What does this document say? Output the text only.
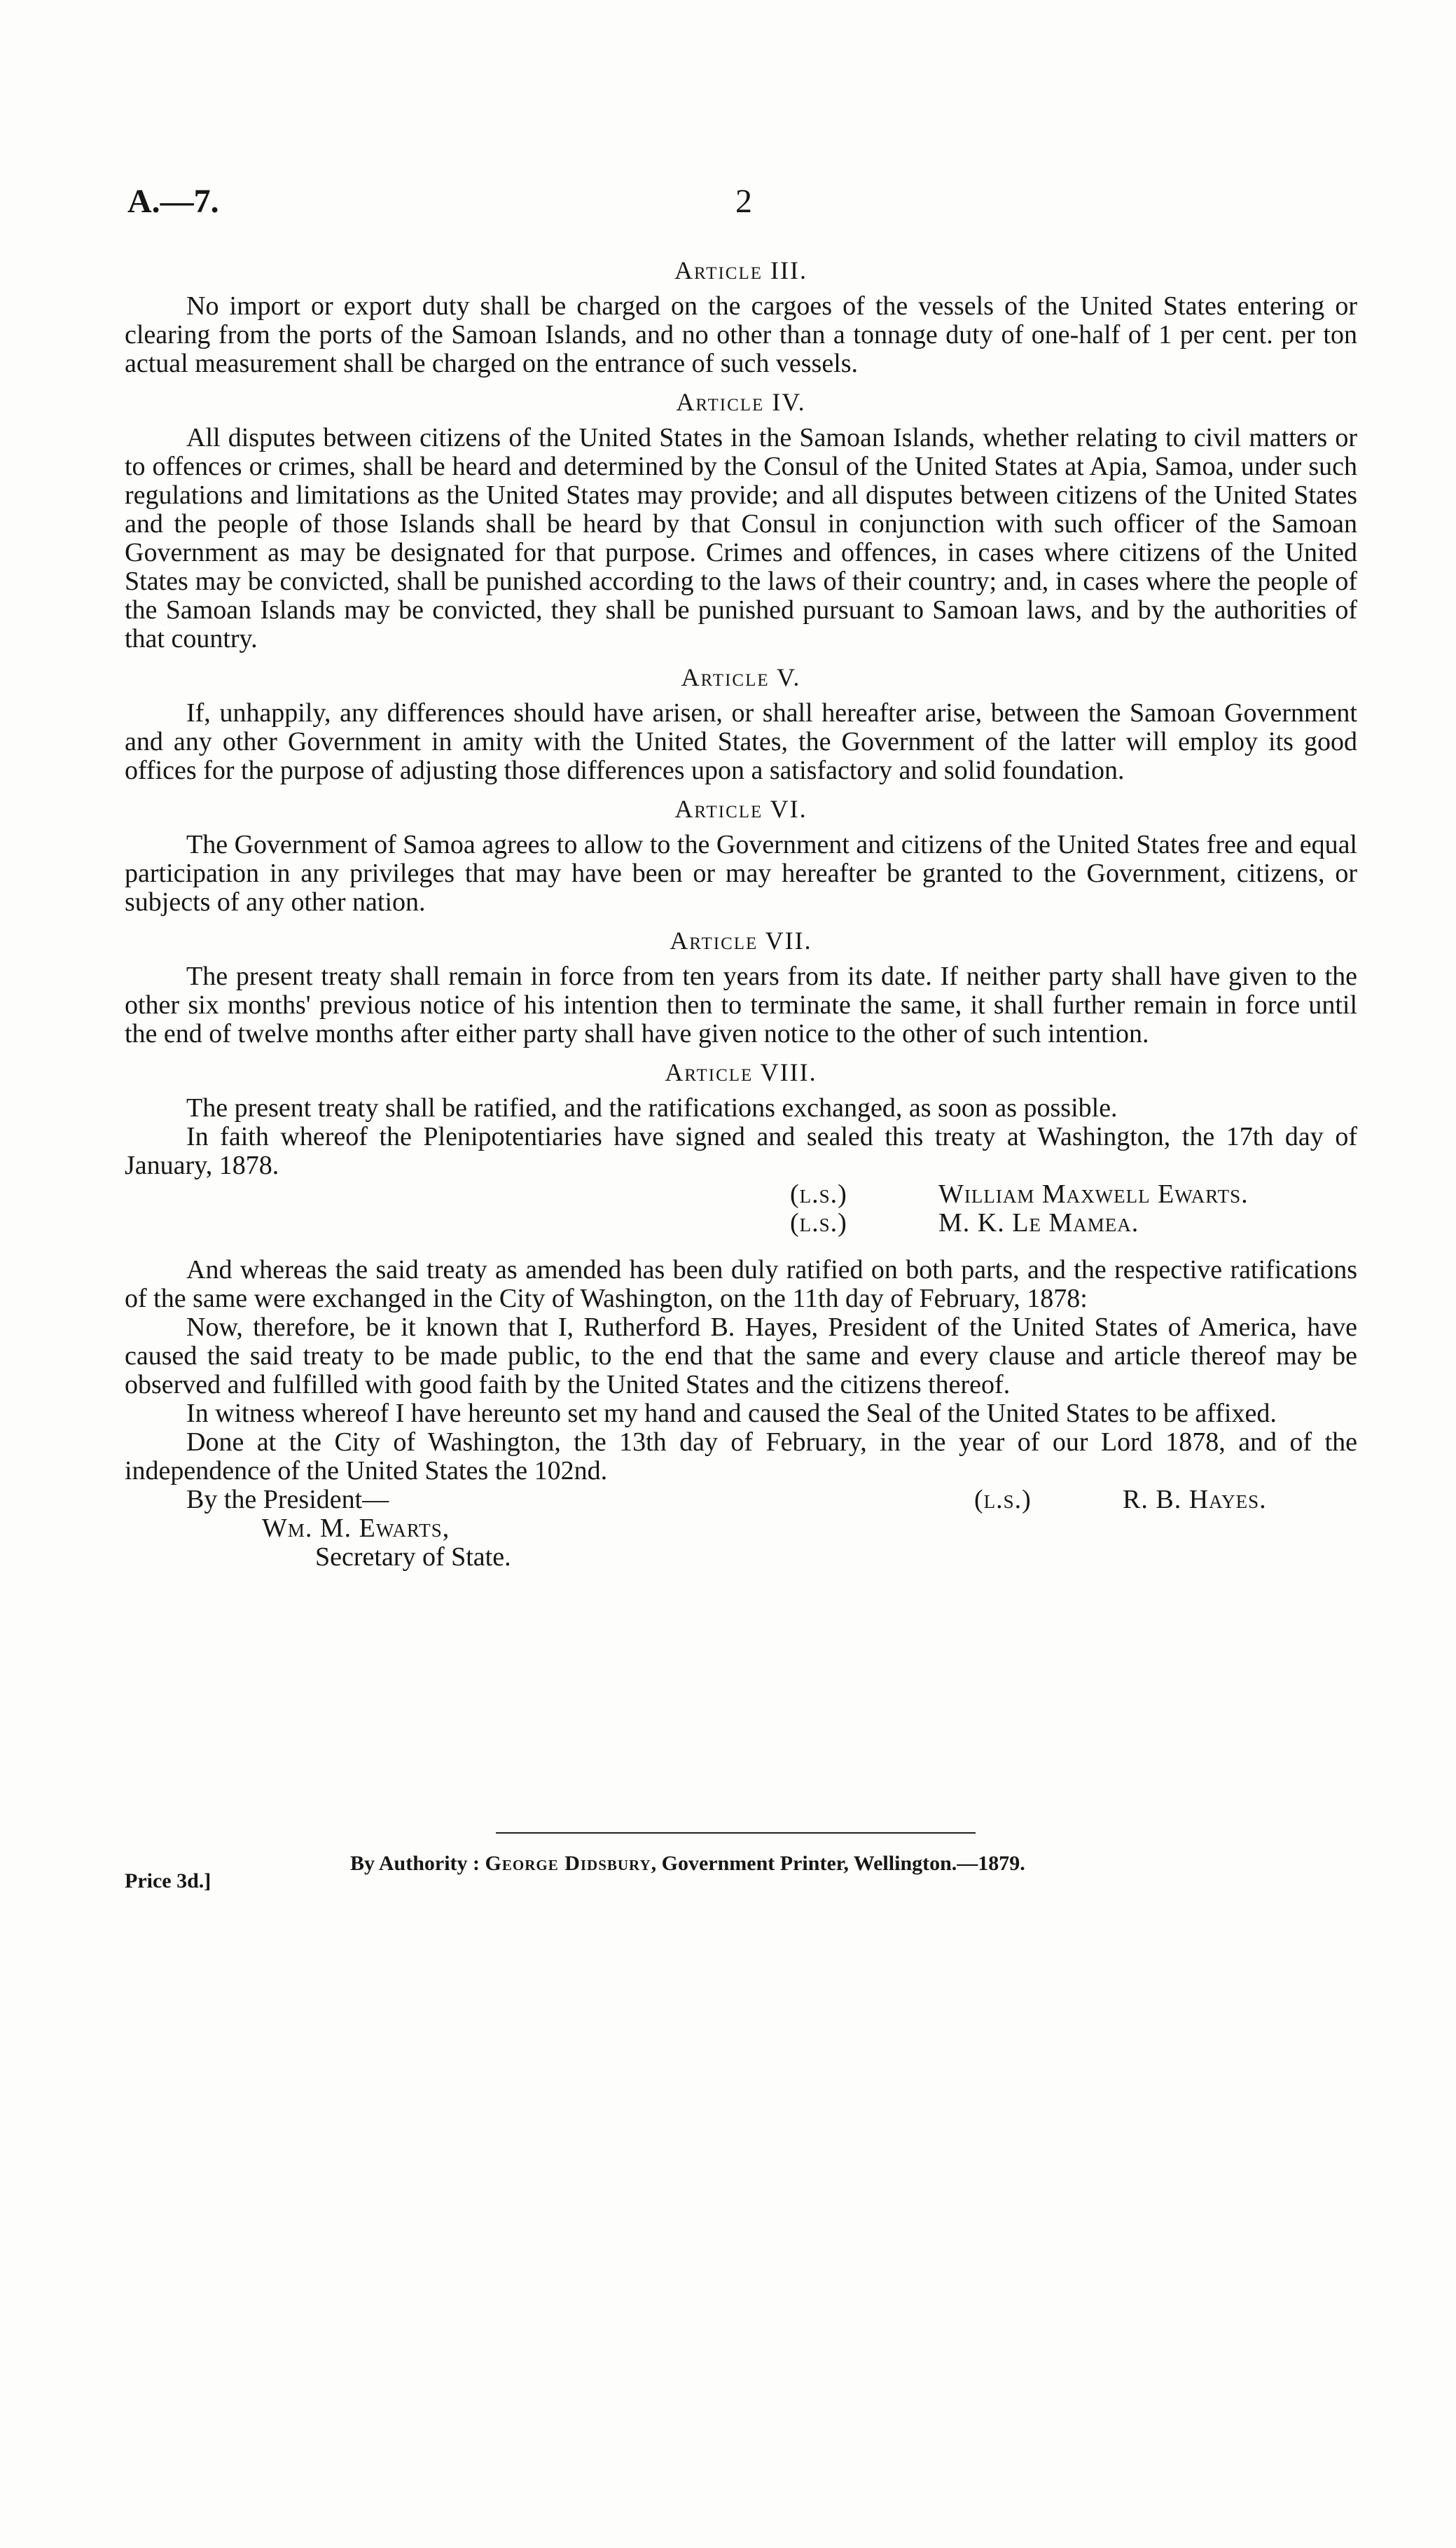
A.—7.	2
Article III.

No import or export duty shall be charged on the cargoes of the vessels of the United States entering or clearing from the ports of the Samoan Islands, and no other than a tonnage duty of one-half of 1 per cent. per ton actual measurement shall be charged on the entrance of such vessels.

Article IV.

All disputes between citizens of the United States in the Samoan Islands, whether relating to civil matters or to offences or crimes, shall be heard and determined by the Consul of the United States at Apia, Samoa, under such regulations and limitations as the United States may provide; and all disputes between citizens of the United States and the people of those Islands shall be heard by that Consul in conjunction with such officer of the Samoan Government as may be designated for that purpose. Crimes and offences, in cases where citizens of the United States may be convicted, shall be punished according to the laws of their country; and, in cases where the people of the Samoan Islands may be convicted, they shall be punished pursuant to Samoan laws, and by the authorities of that country.

Article V.

If, unhappily, any differences should have arisen, or shall hereafter arise, between the Samoan Government and any other Government in amity with the United States, the Government of the latter will employ its good offices for the purpose of adjusting those differences upon a satisfactory and solid foundation.

Article VI.

The Government of Samoa agrees to allow to the Government and citizens of the United States free and equal participation in any privileges that may have been or may hereafter be granted to the Government, citizens, or subjects of any other nation.

Article VII.

The present treaty shall remain in force from ten years from its date. If neither party shall have given to the other six months' previous notice of his intention then to terminate the same, it shall further remain in force until the end of twelve months after either party shall have given notice to the other of such intention.

Article VIII.

The present treaty shall be ratified, and the ratifications exchanged, as soon as possible.

In faith whereof the Plenipotentiaries have signed and sealed this treaty at Washington, the 17th day of January, 1878.

(l.s.)	William Maxwell Ewarts.
(l.s.)	M. K. Le Mamea.

And whereas the said treaty as amended has been duly ratified on both parts, and the respective ratifications of the same were exchanged in the City of Washington, on the 11th day of February, 1878:

Now, therefore, be it known that I, Rutherford B. Hayes, President of the United States of America, have caused the said treaty to be made public, to the end that the same and every clause and article thereof may be observed and fulfilled with good faith by the United States and the citizens thereof.

In witness whereof I have hereunto set my hand and caused the Seal of the United States to be affixed.

Done at the City of Washington, the 13th day of February, in the year of our Lord 1878, and of the independence of the United States the 102nd.

By the President—	(l.s.)	R. B. Hayes.
Wm. M. Ewarts,
Secretary of State.
By Authority : George Didsbury, Government Printer, Wellington.—1879.
Price 3d.]
